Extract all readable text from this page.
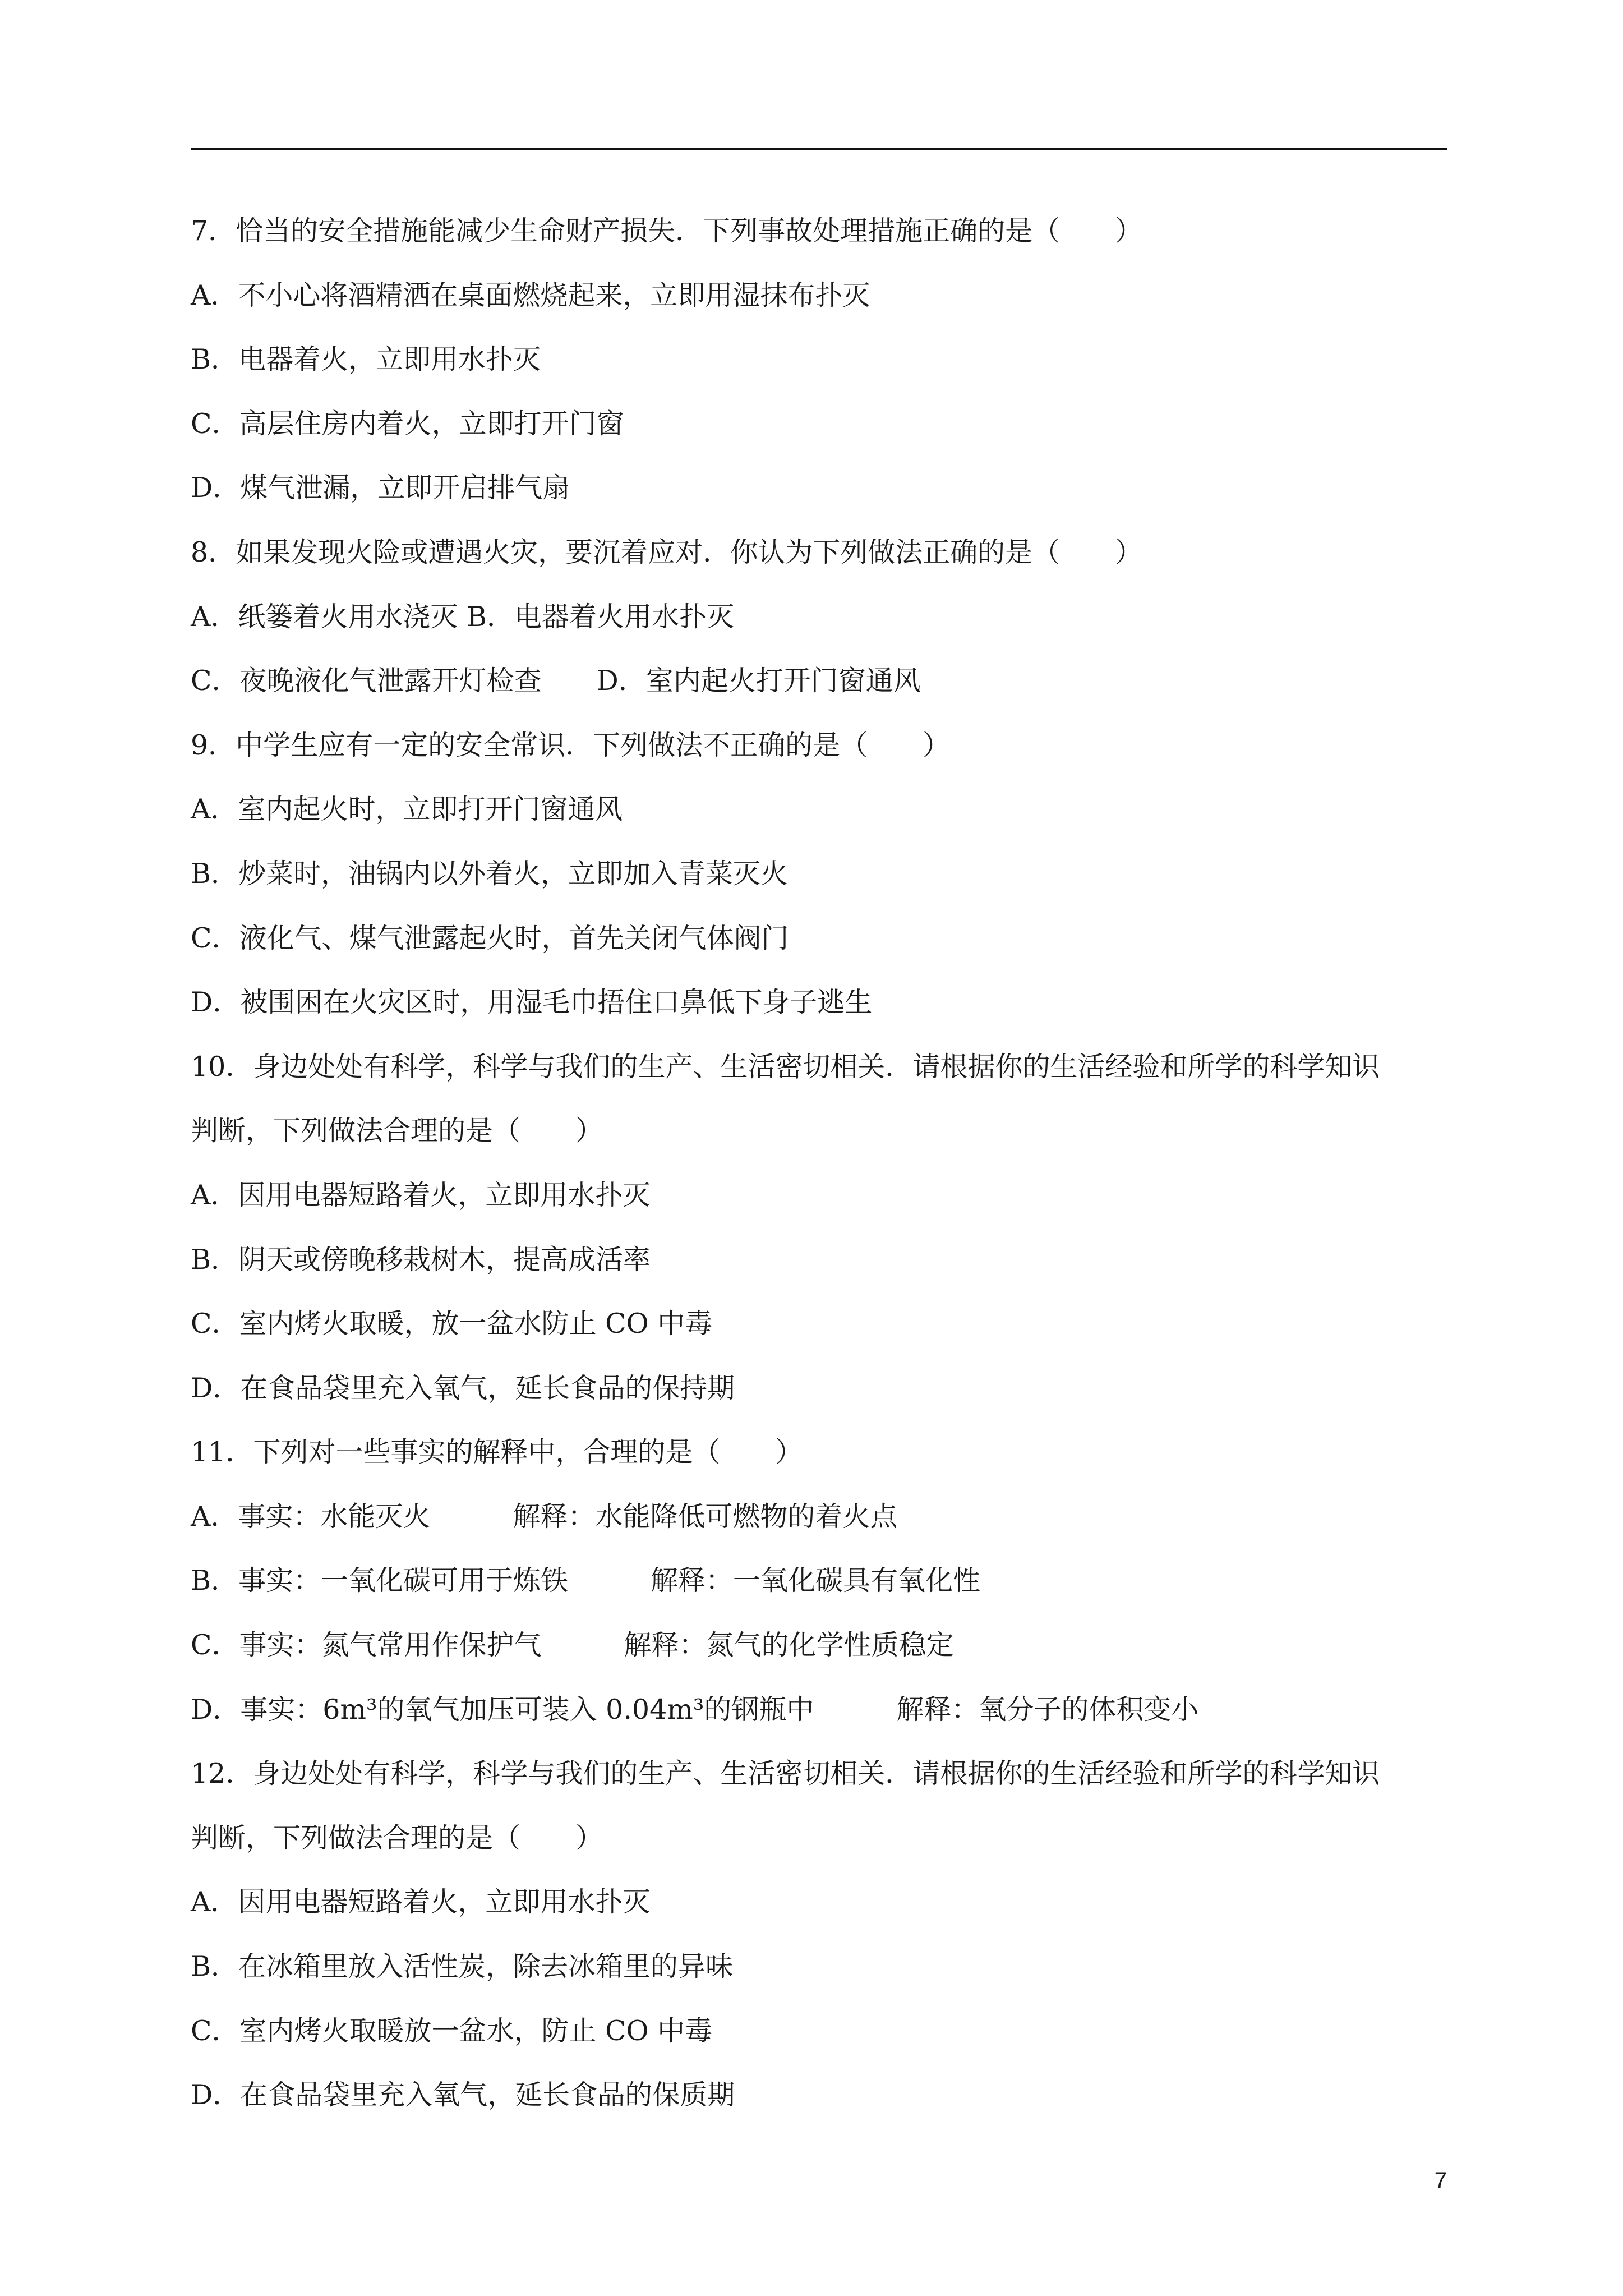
7．恰当的安全措施能减少生命财产损失．下列事故处理措施正确的是（　　）
A．不小心将酒精洒在桌面燃烧起来，立即用湿抹布扑灭
B．电器着火，立即用水扑灭
C．高层住房内着火，立即打开门窗
D．煤气泄漏，立即开启排气扇
8．如果发现火险或遭遇火灾，要沉着应对．你认为下列做法正确的是（　　）
A．纸篓着火用水浇灭 B．电器着火用水扑灭
C．夜晚液化气泄露开灯检查　　D．室内起火打开门窗通风
9．中学生应有一定的安全常识．下列做法不正确的是（　　）
A．室内起火时，立即打开门窗通风
B．炒菜时，油锅内以外着火，立即加入青菜灭火
C．液化气、煤气泄露起火时，首先关闭气体阀门
D．被围困在火灾区时，用湿毛巾捂住口鼻低下身子逃生
10．身边处处有科学，科学与我们的生产、生活密切相关．请根据你的生活经验和所学的科学知识
判断，下列做法合理的是（　　）
A．因用电器短路着火，立即用水扑灭
B．阴天或傍晚移栽树木，提高成活率
C．室内烤火取暖，放一盆水防止 CO 中毒
D．在食品袋里充入氧气，延长食品的保持期
11．下列对一些事实的解释中，合理的是（　　）
A．事实：水能灭火　　　解释：水能降低可燃物的着火点
B．事实：一氧化碳可用于炼铁　　　解释：一氧化碳具有氧化性
C．事实：氮气常用作保护气　　　解释：氮气的化学性质稳定
D．事实：6m³的氧气加压可装入 0.04m³的钢瓶中　　　解释：氧分子的体积变小
12．身边处处有科学，科学与我们的生产、生活密切相关．请根据你的生活经验和所学的科学知识
判断，下列做法合理的是（　　）
A．因用电器短路着火，立即用水扑灭
B．在冰箱里放入活性炭，除去冰箱里的异味
C．室内烤火取暖放一盆水，防止 CO 中毒
D．在食品袋里充入氧气，延长食品的保质期
7
